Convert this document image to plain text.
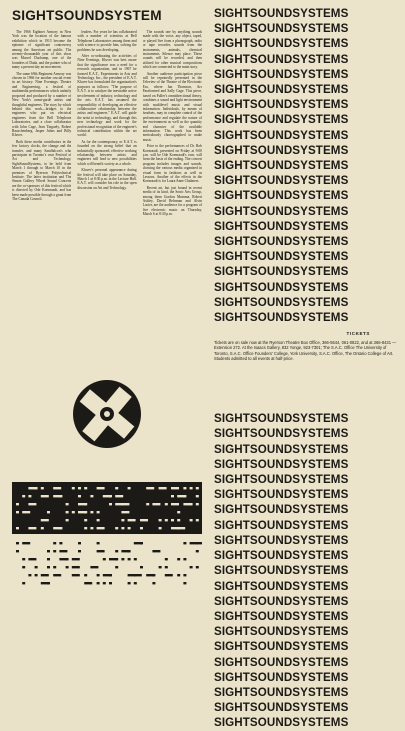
SIGHTSOUNDSYSTEM

The 1966 Eightnet Armory in New York was the location of the famous exhibition which in 1913 become the epitome of significant controversy among the American art public. The seventy-thousandth year of this show was Marcel Duchamp, one of the founders of Dada, and the painter who of many a present day art movement.

The same 69th Regiment Armory was chosen in 1966 for another crucial event in art history: Nine Evenings: Theatre and Engineering, a festival of multimedia performances which unfairly proposed and produced by a number of New York's avant-garde artists and thoughtful engineers. The story by which behind this work—bridges to the engineers who put on electrical engineers from the Bell Telephone Laboratories, and a close collaborator with John Cage, Jean Tinguely, Robert Rauschenberg, Jasper Johns and Billy Kluver.

Both these media contributors in the few factory clocks, the change and the transfer, and many Sandfalcon's who participate in Toronto's own Festival of Art and Technology, SightSoundSystems, to be held from March 1 through to March 10 in the premises of Ryerson Polytechnical Institute. The latter institution and The Simon Gallery Wheel Sound Concerts are the co-sponsors of this festival which is directed by Ode Koenraadt, and has been made possible through a grant from The Canada Council.

leaders. For years he has collaborated with a number of scientists at Bell Telephone Laboratories among them and with science to provide him, solving the problems he was developing.

After co-ordinating the activities of Nine Evenings, Kluver was best aware that the significance was a need for a research organization, and in 1967 he formed E.A.T., Experiments in Arts and Technology. Inc., the president of E.A.T. Kluver has formulated the organization's purposes as follows: "The purpose of E.A.T. is to catalyze the inevitable active involvement of industry, technology and the arts. E.A.T. has assumed the responsibility of developing an effective collaborative relationship between the artists and engineers." E.A.T. will guide the artist to technology, and through this new technology and work for the professional recognition of the engineer's technical contribution within the art world.

As for the contemporary, or E.A.T. is founded on the strong belief that an industrially sponsored, effective working relationship between artists and engineers will lead to new possibilities which will benefit society as a whole.

Kluver's personal appearance during the festival will take place on Saturday, March 1 at 8:30 p.m. in the Lecture Hall. E.A.T. will consider his role in the open discussion on Art and Technology.

The sounds one by anything sounds made with the voice, any object, taped, or played live from a phonograph, radio or tape recorder, sounds from the instruments, animals, chemical instruments. Silence may place. These sounds will be recorded, and then utilized for other musical compositions which are connected to the main story.

Another audience participation piece will be repeatedly presented in the Teleview of the Theatre of the Electronic Era, where Ian Thomson, Ars Paraformed and Sally Cage. This piece, based on Fuller's omnidirectional theory, combines a sound and light environment with multilevel music and visual information. Individuals, by means of headsets, may in complete control of the performance and regulate the nature of the environment as well as the quantity and character of the available information. This work has been meticulously choreographed to make music.

Price to the performances of Dr. Rob Koenraadt, presented on Friday at 9:00 p.m. will be Ode Koenraadt's own, will form the basis of the ending. The concert program includes images and sounds, showing the various media organized in visual form in fashions as well as Lessons. Another of the effects in the Koenraadt is for Laura Anne Chalmers.

Recent art, but just bound in recent media of its kind, the Sonic Arts Group, among them Gordon Mumma, Robert Ashley, David Behrman and Alvin Lucier, are the audience for a program of live electronic music on Thursday, March 6 at 8:30 p.m.

SIGHTSOUNDSYSTEMS
SIGHTSOUNDSYSTEMS
SIGHTSOUNDSYSTEMS
SIGHTSOUNDSYSTEMS
SIGHTSOUNDSYSTEMS
SIGHTSOUNDSYSTEMS
SIGHTSOUNDSYSTEMS
SIGHTSOUNDSYSTEMS
SIGHTSOUNDSYSTEMS
SIGHTSOUNDSYSTEMS
SIGHTSOUNDSYSTEMS
SIGHTSOUNDSYSTEMS
SIGHTSOUNDSYSTEMS
SIGHTSOUNDSYSTEMS
SIGHTSOUNDSYSTEMS
SIGHTSOUNDSYSTEMS
SIGHTSOUNDSYSTEMS
SIGHTSOUNDSYSTEMS
SIGHTSOUNDSYSTEMS
SIGHTSOUNDSYSTEMS
SIGHTSOUNDSYSTEMS
TICKETS
Tickets are on sale now at the Ryerson Theatre Box Office, 366-5544, 061-0822, and at 366-8431 — Extension 272. At the Isaacs Gallery, 832 Yonge, 923-7301; The S.A.C. Office The University of Toronto, S.A.C. Office Founders' College, York University, S.A.C. Office, The Ontario College of Art. Students admitted to all events at half-price.
SIGHTSOUNDSYSTEMS
SIGHTSOUNDSYSTEMS
SIGHTSOUNDSYSTEMS
SIGHTSOUNDSYSTEMS
SIGHTSOUNDSYSTEMS
SIGHTSOUNDSYSTEMS
SIGHTSOUNDSYSTEMS
SIGHTSOUNDSYSTEMS
SIGHTSOUNDSYSTEMS
SIGHTSOUNDSYSTEMS
SIGHTSOUNDSYSTEMS
SIGHTSOUNDSYSTEMS
SIGHTSOUNDSYSTEMS
SIGHTSOUNDSYSTEMS
SIGHTSOUNDSYSTEMS
SIGHTSOUNDSYSTEMS
SIGHTSOUNDSYSTEMS
SIGHTSOUNDSYSTEMS
SIGHTSOUNDSYSTEMS
SIGHTSOUNDSYSTEMS
SIGHTSOUNDSYSTEMS
